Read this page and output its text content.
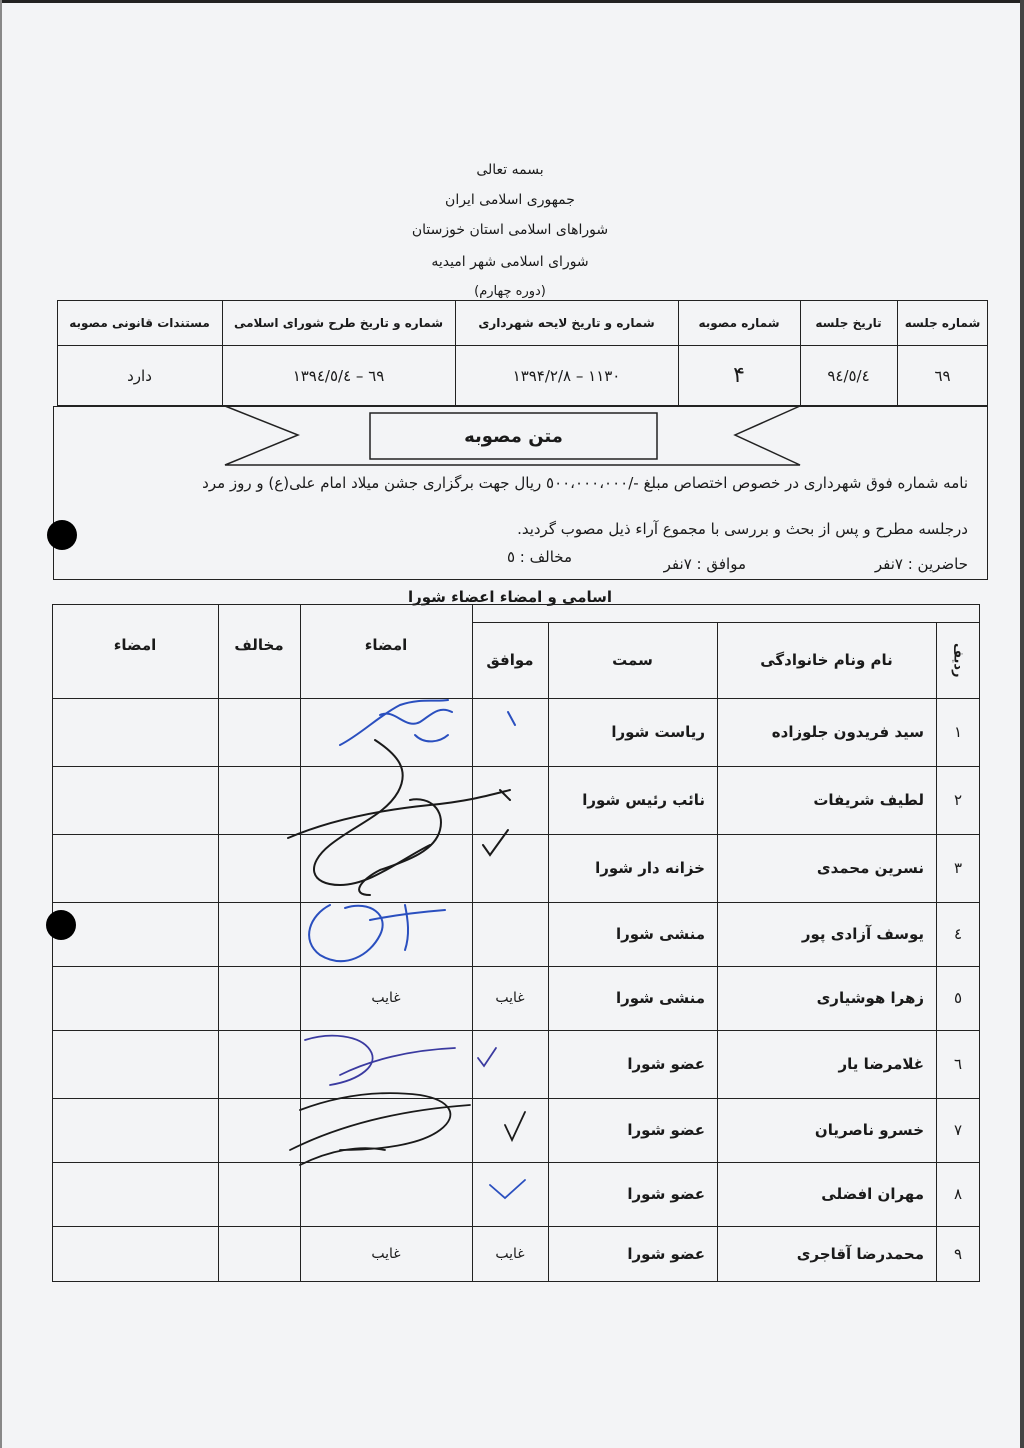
بسمه تعالی
جمهوری اسلامی ایران
شوراهای اسلامی استان خوزستان
شورای اسلامی شهر امیدیه
(دوره چهارم)
شماره جلسه
تاریخ جلسه
شماره مصوبه
شماره و تاریخ لایحه شهرداری
شماره و تاریخ طرح شورای اسلامی
مستندات قانونی مصوبه
٦٩
٩٤/٥/٤
۴
۱۱۳۰ – ۱۳۹۴/۲/۸
٦٩ – ۱۳۹٤/٥/٤
دارد
متن مصوبه
نامه شماره فوق شهرداری در خصوص اختصاص مبلغ -/٥٠٠،٠٠٠،٠٠٠ ریال جهت برگزاری جشن میلاد امام علی(ع) و روز مرد
درجلسه مطرح و پس از بحث و بررسی با مجموع آراء ذیل مصوب گردید.
حاضرین : ۷نفر
موافق : ۷نفر
مخالف : ٥
اسامی و امضاء اعضاء شورا
ردیف
نام ونام خانوادگی
سمت
موافق
امضاء
مخالف
امضاء
۱
سید فریدون جلوزاده
ریاست شورا
۲
لطیف شریفات
نائب رئیس شورا
۳
نسرین محمدی
خزانه دار شورا
٤
یوسف آزادی پور
منشی شورا
٥
زهرا هوشیاری
منشی شورا
غایب
غایب
٦
غلامرضا یار
عضو شورا
۷
خسرو ناصریان
عضو شورا
۸
مهران افضلی
عضو شورا
۹
محمدرضا آقاجری
عضو شورا
غایب
غایب
